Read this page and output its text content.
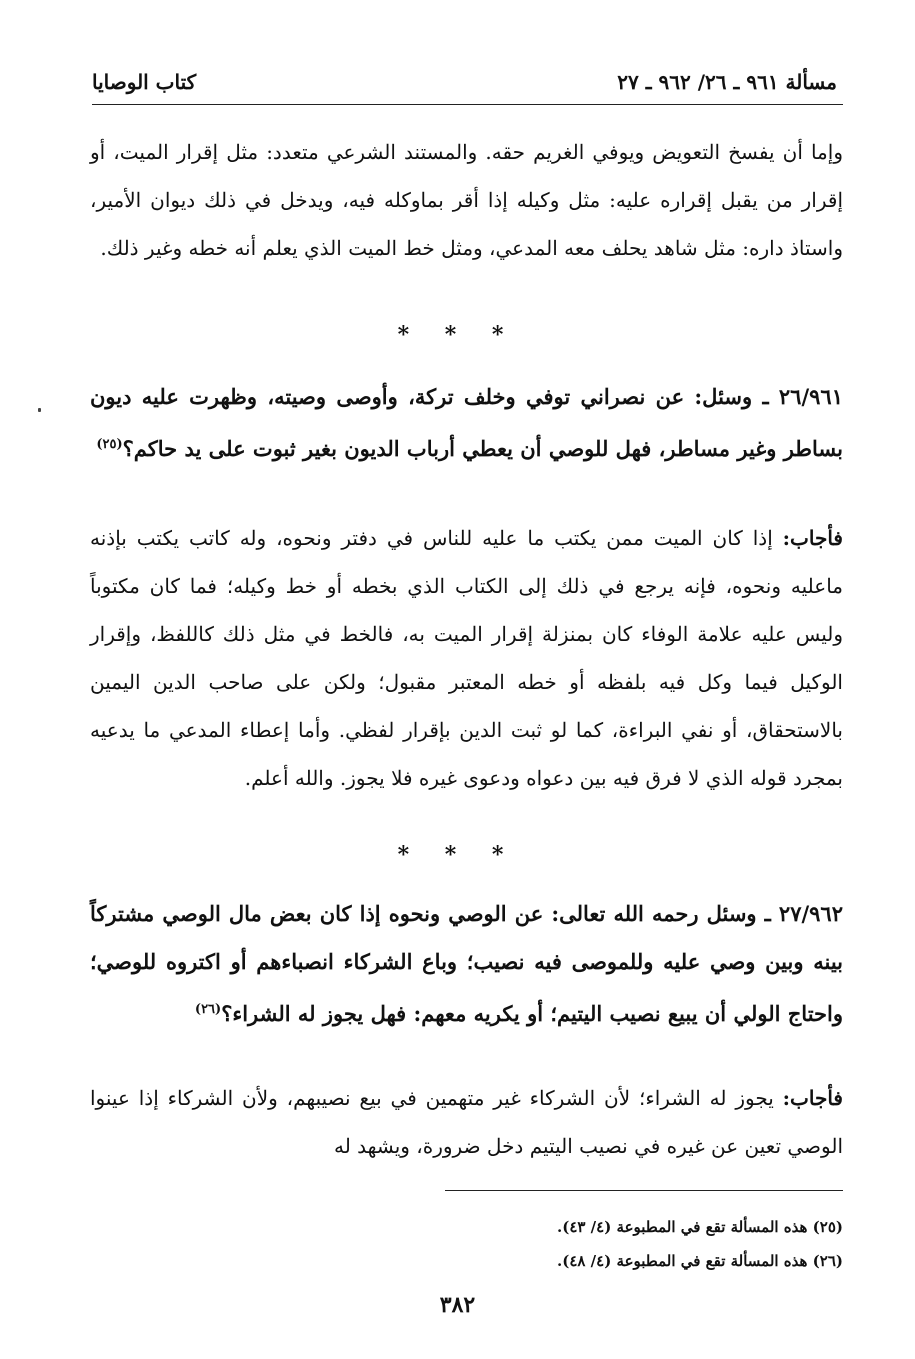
مسألة ٩٦١ ـ ٢٦/ ٩٦٢ ـ ٢٧
كتاب الوصايا

وإما أن يفسخ التعويض ويوفي الغريم حقه. والمستند الشرعي متعدد: مثل إقرار الميت، أو إقرار من يقبل إقراره عليه: مثل وكيله إذا أقر بماوكله فيه، ويدخل في ذلك ديوان الأمير، واستاذ داره: مثل شاهد يحلف معه المدعي، ومثل خط الميت الذي يعلم أنه خطه وغير ذلك.

* * *

٢٦/٩٦١ ـ وسئل: عن نصراني توفي وخلف تركة، وأوصى وصيته، وظهرت عليه ديون بساطر وغير مساطر، فهل للوصي أن يعطي أرباب الديون بغير ثبوت على يد حاكم؟$^{(٢٥)}$

فأجاب: إذا كان الميت ممن يكتب ما عليه للناس في دفتر ونحوه، وله كاتب يكتب بإذنه ماعليه ونحوه، فإنه يرجع في ذلك إلى الكتاب الذي بخطه أو خط وكيله؛ فما كان مكتوباً وليس عليه علامة الوفاء كان بمنزلة إقرار الميت به، فالخط في مثل ذلك كاللفظ، وإقرار الوكيل فيما وكل فيه بلفظه أو خطه المعتبر مقبول؛ ولكن على صاحب الدين اليمين بالاستحقاق، أو نفي البراءة، كما لو ثبت الدين بإقرار لفظي. وأما إعطاء المدعي ما يدعيه بمجرد قوله الذي لا فرق فيه بين دعواه ودعوى غيره فلا يجوز. والله أعلم.

* * *

٢٧/٩٦٢ ـ وسئل رحمه الله تعالى: عن الوصي ونحوه إذا كان بعض مال الوصي مشتركاً بينه وبين وصي عليه وللموصى فيه نصيب؛ وباع الشركاء انصباءهم أو اكتروه للوصي؛ واحتاج الولي أن يبيع نصيب اليتيم؛ أو يكريه معهم: فهل يجوز له الشراء؟$^{(٢٦)}$

فأجاب: يجوز له الشراء؛ لأن الشركاء غير متهمين في بيع نصيبهم، ولأن الشركاء إذا عينوا الوصي تعين عن غيره في نصيب اليتيم دخل ضرورة، ويشهد له

(٢٥) هذه المسألة تقع في المطبوعة (٤/ ٤٣).

(٢٦) هذه المسألة تقع في المطبوعة (٤/ ٤٨).

٣٨٢
